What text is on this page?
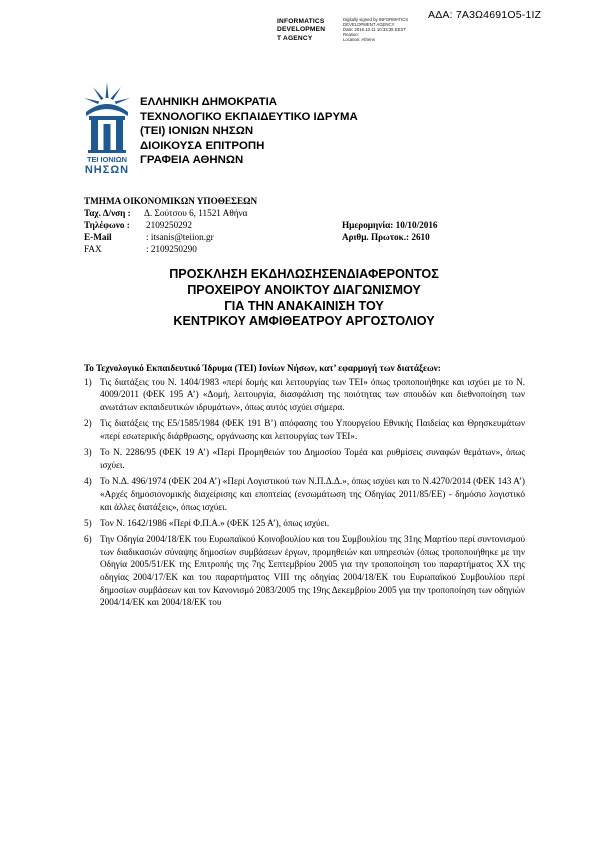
ΑΔΑ: 7Α3Ω4691Ο5-1ΙΖ
INFORMATICS
DEVELOPMEN
T AGENCY
Digitally signed by INFORMATICS
DEVELOPMENT AGENCY
Date: 2016.10.11 10:33:35 EEST
Reason:
Location: Athens
ΤΕΙ ΙΟΝΙΩΝ
ΝΗΣΩΝ
ΕΛΛΗΝΙΚΗ ΔΗΜΟΚΡΑΤΙΑ
ΤΕΧΝΟΛΟΓΙΚΟ ΕΚΠΑΙΔΕΥΤΙΚΟ ΙΔΡΥΜΑ
(ΤΕΙ) ΙΟΝΙΩΝ ΝΗΣΩΝ
ΔΙΟΙΚΟΥΣΑ ΕΠΙΤΡΟΠΗ
ΓΡΑΦΕΙΑ ΑΘΗΝΩΝ
ΤΜΗΜΑ ΟΙΚΟΝΟΜΙΚΩΝ ΥΠΟΘΕΣΕΩΝ
Ταχ. Δ/νση : Δ. Σούτσου 6, 11521 Αθήνα
Τηλέφωνο : 2109250292	Ημερομηνία: 10/10/2016
E-Mail	: itsanis@teiion.gr	Αριθμ. Πρωτοκ.: 2610
FAX	: 2109250290
ΠΡΟΣΚΛΗΣΗ ΕΚΔΗΛΩΣΗΣΕΝΔΙΑΦΕΡΟΝΤΟΣ
ΠΡΟΧΕΙΡΟΥ ΑΝΟΙΚΤΟΥ ΔΙΑΓΩΝΙΣΜΟΥ
ΓΙΑ ΤΗΝ ΑΝΑΚΑΙΝΙΣΗ ΤΟΥ
ΚΕΝΤΡΙΚΟΥ ΑΜΦΙΘΕΑΤΡΟΥ ΑΡΓΟΣΤΟΛΙΟΥ
Το Τεχνολογικό Εκπαιδευτικό Ίδρυμα (ΤΕΙ) Ιονίων Νήσων, κατ’ εφαρμογή των διατάξεων:
1) Τις διατάξεις του Ν. 1404/1983 «περί δομής και λειτουργίας των ΤΕΙ» όπως τροποποιήθηκε και ισχύει με το Ν. 4009/2011 (ΦΕΚ 195 Α’) «Δομή, λειτουργία, διασφάλιση της ποιότητας των σπουδών και διεθνοποίηση των ανωτάτων εκπαιδευτικών ιδρυμάτων», όπως αυτός ισχύει σήμερα.
2) Τις διατάξεις της Ε5/1585/1984 (ΦΕΚ 191 Β’) απόφασης του Υπουργείου Εθνικής Παιδείας και Θρησκευμάτων «περί εσωτερικής διάρθρωσης, οργάνωσης και λειτουργίας των ΤΕΙ».
3) Το Ν. 2286/95 (ΦΕΚ 19 Α’) «Περί Προμηθειών του Δημοσίου Τομέα και ρυθμίσεις συναφών θεμάτων», όπως ισχύει.
4) Το Ν.Δ. 496/1974 (ΦΕΚ 204 Α’) «Περί Λογιστικού των Ν.Π.Δ.Δ.», όπως ισχύει και το Ν.4270/2014 (ΦΕΚ 143 Α’) «Αρχές δημοσιονομικής διαχείρισης και εποπτείας (ενσωμάτωση της Οδηγίας 2011/85/ΕΕ) - δημόσιο λογιστικό και άλλες διατάξεις», όπως ισχύει.
5) Τον Ν. 1642/1986 «Περί Φ.Π.Α.» (ΦΕΚ 125 Α’), όπως ισχύει.
6) Την Οδηγία 2004/18/ΕΚ του Ευρωπαϊκού Κοινοβουλίου και του Συμβουλίου της 31ης Μαρτίου περί συντονισμού των διαδικασιών σύναψης δημοσίων συμβάσεων έργων, προμηθειών και υπηρεσιών (όπως τροποποιήθηκε με την Οδηγία 2005/51/ΕΚ της Επιτροπής της 7ης Σεπτεμβρίου 2005 για την τροποποίηση του παραρτήματος XX της οδηγίας 2004/17/ΕΚ και του παραρτήματος VIII της οδηγίας 2004/18/ΕΚ του Ευρωπαϊκού Συμβουλίου περί δημοσίων συμβάσεων και τον Κανονισμό 2083/2005 της 19ης Δεκεμβρίου 2005 για την τροποποίηση των οδηγιών 2004/14/ΕΚ και 2004/18/ΕΚ του
